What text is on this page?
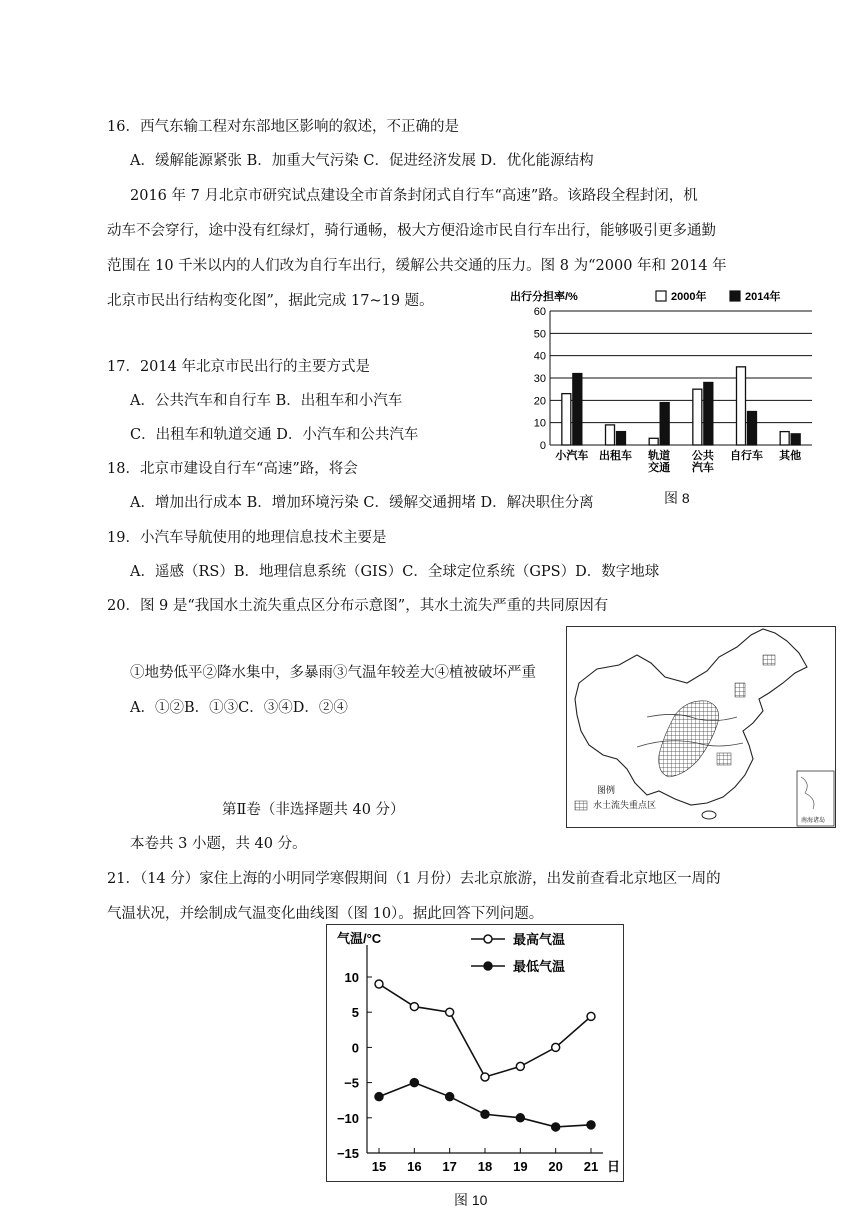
16．西气东输工程对东部地区影响的叙述，不正确的是
A．缓解能源紧张 B．加重大气污染 C．促进经济发展 D．优化能源结构
2016 年 7 月北京市研究试点建设全市首条封闭式自行车“高速”路。该路段全程封闭，机
动车不会穿行，途中没有红绿灯，骑行通畅，极大方便沿途市民自行车出行，能够吸引更多通勤
范围在 10 千米以内的人们改为自行车出行，缓解公共交通的压力。图 8 为“2000 年和 2014 年
北京市民出行结构变化图”，据此完成 17~19 题。
17．2014 年北京市民出行的主要方式是
A．公共汽车和自行车 B．出租车和小汽车
C．出租车和轨道交通 D．小汽车和公共汽车
18．北京市建设自行车“高速”路，将会
A．增加出行成本 B．增加环境污染 C．缓解交通拥堵 D．解决职住分离
19．小汽车导航使用的地理信息技术主要是
A．遥感（RS）B．地理信息系统（GIS）C．全球定位系统（GPS）D．数字地球
20．图 9 是“我国水土流失重点区分布示意图”，其水土流失严重的共同原因有
①地势低平②降水集中，多暴雨③气温年较差大④植被破坏严重
A．①②B．①③C．③④D．②④
第Ⅱ卷（非选择题共 40 分）
本卷共 3 小题，共 40 分。
21．（14 分）家住上海的小明同学寒假期间（1 月份）去北京旅游，出发前查看北京地区一周的
气温状况，并绘制成气温变化曲线图（图 10）。据此回答下列问题。
出行分担率/%	2000年	2014年
0
10
20
30
40
50
60
小汽车 出租车 轨道
交通
公共
汽车
自行车 其他
图 8
图例
水土流失重点区
南海诸岛
气温/°C
10
5
0
−5
−10
−15
15 16 17 18 19 20 21 日
最高气温
最低气温
图 10
